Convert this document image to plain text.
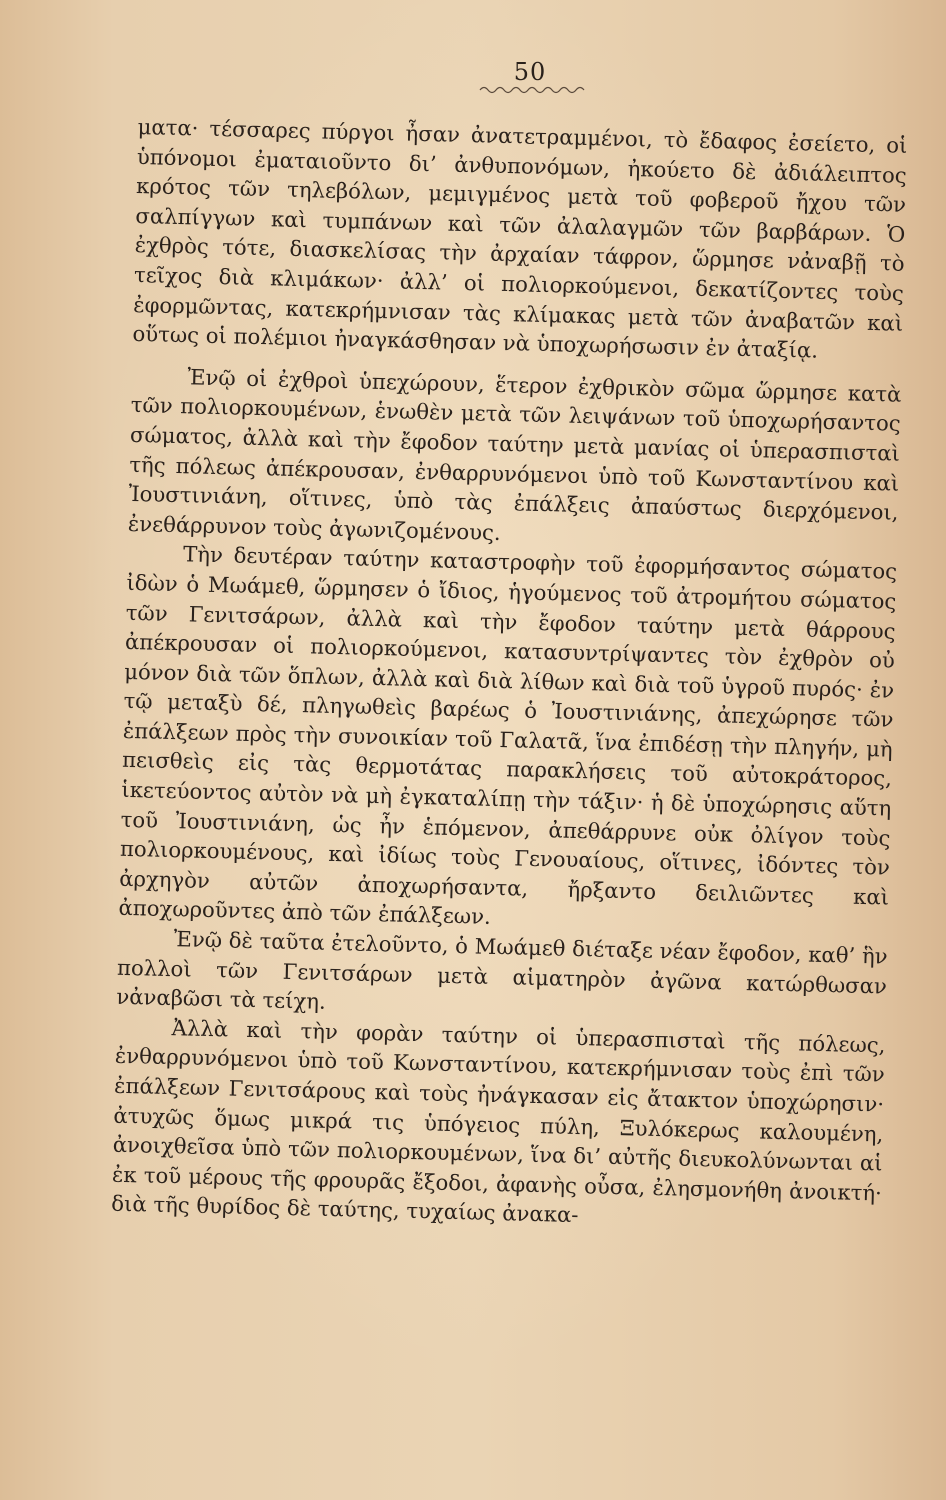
50

ματα· τέσσαρες πύργοι ἦσαν ἀνατετραμμένοι, τὸ ἔδαφος ἐσείετο, οἱ ὑπόνομοι ἐματαιοῦντο δι’ ἀνθυπονόμων, ἠκούετο δὲ ἀδιάλειπτος κρότος τῶν τηλεβόλων, μεμιγμένος μετὰ τοῦ φοβεροῦ ἤχου τῶν σαλπίγγων καὶ τυμπάνων καὶ τῶν ἀλαλαγμῶν τῶν βαρβάρων. Ὁ ἐχθρὸς τότε, διασκελίσας τὴν ἀρχαίαν τάφρον, ὥρμησε νἀναβῇ τὸ τεῖχος διὰ κλιμάκων· ἀλλ’ οἱ πολιορκούμενοι, δεκατίζοντες τοὺς ἐφορμῶντας, κατεκρήμνισαν τὰς κλίμακας μετὰ τῶν ἀναβατῶν καὶ οὕτως οἱ πολέμιοι ἠναγκάσθησαν νὰ ὑποχωρήσωσιν ἐν ἀταξίᾳ.

Ἐνῷ οἱ ἐχθροὶ ὑπεχώρουν, ἕτερον ἐχθρικὸν σῶμα ὥρμησε κατὰ τῶν πολιορκουμένων, ἑνωθὲν μετὰ τῶν λειψάνων τοῦ ὑποχωρήσαντος σώματος, ἀλλὰ καὶ τὴν ἔφοδον ταύτην μετὰ μανίας οἱ ὑπερασπισταὶ τῆς πόλεως ἀπέκρουσαν, ἐνθαρρυνόμενοι ὑπὸ τοῦ Κωνσταντίνου καὶ Ἰουστινιάνη, οἵτινες, ὑπὸ τὰς ἐπάλξεις ἀπαύστως διερχόμενοι, ἐνεθάρρυνον τοὺς ἀγωνιζομένους.

Τὴν δευτέραν ταύτην καταστροφὴν τοῦ ἐφορμήσαντος σώματος ἰδὼν ὁ Μωάμεθ, ὥρμησεν ὁ ἴδιος, ἡγούμενος τοῦ ἀτρομήτου σώματος τῶν Γενιτσάρων, ἀλλὰ καὶ τὴν ἔφοδον ταύτην μετὰ θάρρους ἀπέκρουσαν οἱ πολιορκούμενοι, κατασυντρίψαντες τὸν ἐχθρὸν οὐ μόνον διὰ τῶν ὅπλων, ἀλλὰ καὶ διὰ λίθων καὶ διὰ τοῦ ὑγροῦ πυρός· ἐν τῷ μεταξὺ δέ, πληγωθεὶς βαρέως ὁ Ἰουστινιάνης, ἀπεχώρησε τῶν ἐπάλξεων πρὸς τὴν συνοικίαν τοῦ Γαλατᾶ, ἵνα ἐπιδέσῃ τὴν πληγήν, μὴ πεισθεὶς εἰς τὰς θερμοτάτας παρακλήσεις τοῦ αὐτοκράτορος, ἱκετεύοντος αὐτὸν νὰ μὴ ἐγκαταλίπῃ τὴν τάξιν· ἡ δὲ ὑποχώρησις αὕτη τοῦ Ἰουστινιάνη, ὡς ἦν ἑπόμενον, ἀπεθάρρυνε οὐκ ὀλίγον τοὺς πολιορκουμένους, καὶ ἰδίως τοὺς Γενουαίους, οἵτινες, ἰδόντες τὸν ἀρχηγὸν αὐτῶν ἀποχωρήσαντα, ἤρξαντο δειλιῶντες καὶ ἀποχωροῦντες ἀπὸ τῶν ἐπάλξεων.

Ἐνῷ δὲ ταῦτα ἐτελοῦντο, ὁ Μωάμεθ διέταξε νέαν ἔφοδον, καθ’ ἣν πολλοὶ τῶν Γενιτσάρων μετὰ αἱματηρὸν ἀγῶνα κατώρθωσαν νἀναβῶσι τὰ τείχη.

Ἀλλὰ καὶ τὴν φορὰν ταύτην οἱ ὑπερασπισταὶ τῆς πόλεως, ἐνθαρρυνόμενοι ὑπὸ τοῦ Κωνσταντίνου, κατεκρήμνισαν τοὺς ἐπὶ τῶν ἐπάλξεων Γενιτσάρους καὶ τοὺς ἠνάγκασαν εἰς ἄτακτον ὑποχώρησιν· ἀτυχῶς ὅμως μικρά τις ὑπόγειος πύλη, Ξυλόκερως καλουμένη, ἀνοιχθεῖσα ὑπὸ τῶν πολιορκουμένων, ἵνα δι’ αὐτῆς διευκολύνωνται αἱ ἐκ τοῦ μέρους τῆς φρουρᾶς ἔξοδοι, ἀφανὴς οὖσα, ἐλησμονήθη ἀνοικτή· διὰ τῆς θυρίδος δὲ ταύτης, τυχαίως ἀνακα-
